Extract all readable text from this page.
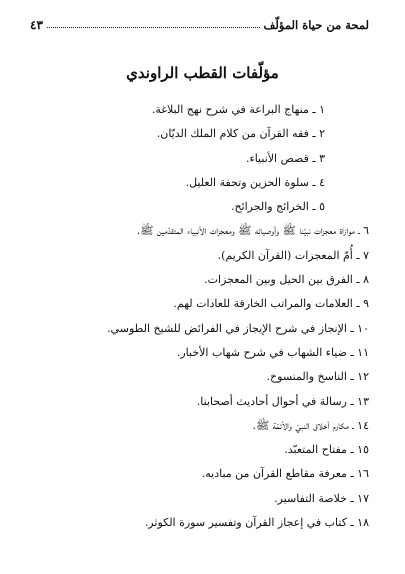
لمحة من حياة المؤلّف
٤٣
مؤلّفات القطب الراوندي
١ ـ منهاج البراعة في شرح نهج البلاغة.
٢ ـ فقه القرآن من كلام الملك الديّان.
٣ ـ قصص الأنبياء.
٤ ـ سلوة الحزين وتحفة العليل.
٥ ـ الخرائج والجرائح.
٦ ـ موازاة معجزات نبيّنا ﷺ وأوصيائه ﷺ ومعجزات الأنبياء المتقدّمين ﷺ.
٧ ـ أُمّ المعجزات (القرآن الكريم).
٨ ـ الفرق بين الحيل وبين المعجزات.
٩ ـ العلامات والمراتب الخارقة للعادات لهم.
١٠ ـ الإنجاز في شرح الإيجاز في الفرائض للشيخ الطوسي.
١١ ـ ضياء الشهاب في شرح شهاب الأخبار.
١٢ ـ الناسخ والمنسوخ.
١٣ ـ رسالة في أحوال أحاديث أصحابنا.
١٤ ـ مكارم أخلاق النبيّ والأئمّة ﷺ.
١٥ ـ مفتاح المتعبّد.
١٦ ـ معرفة مقاطع القرآن من مباديه.
١٧ ـ خلاصة التفاسير.
١٨ ـ كتاب في إعجاز القرآن وتفسير سورة الكوثر.
